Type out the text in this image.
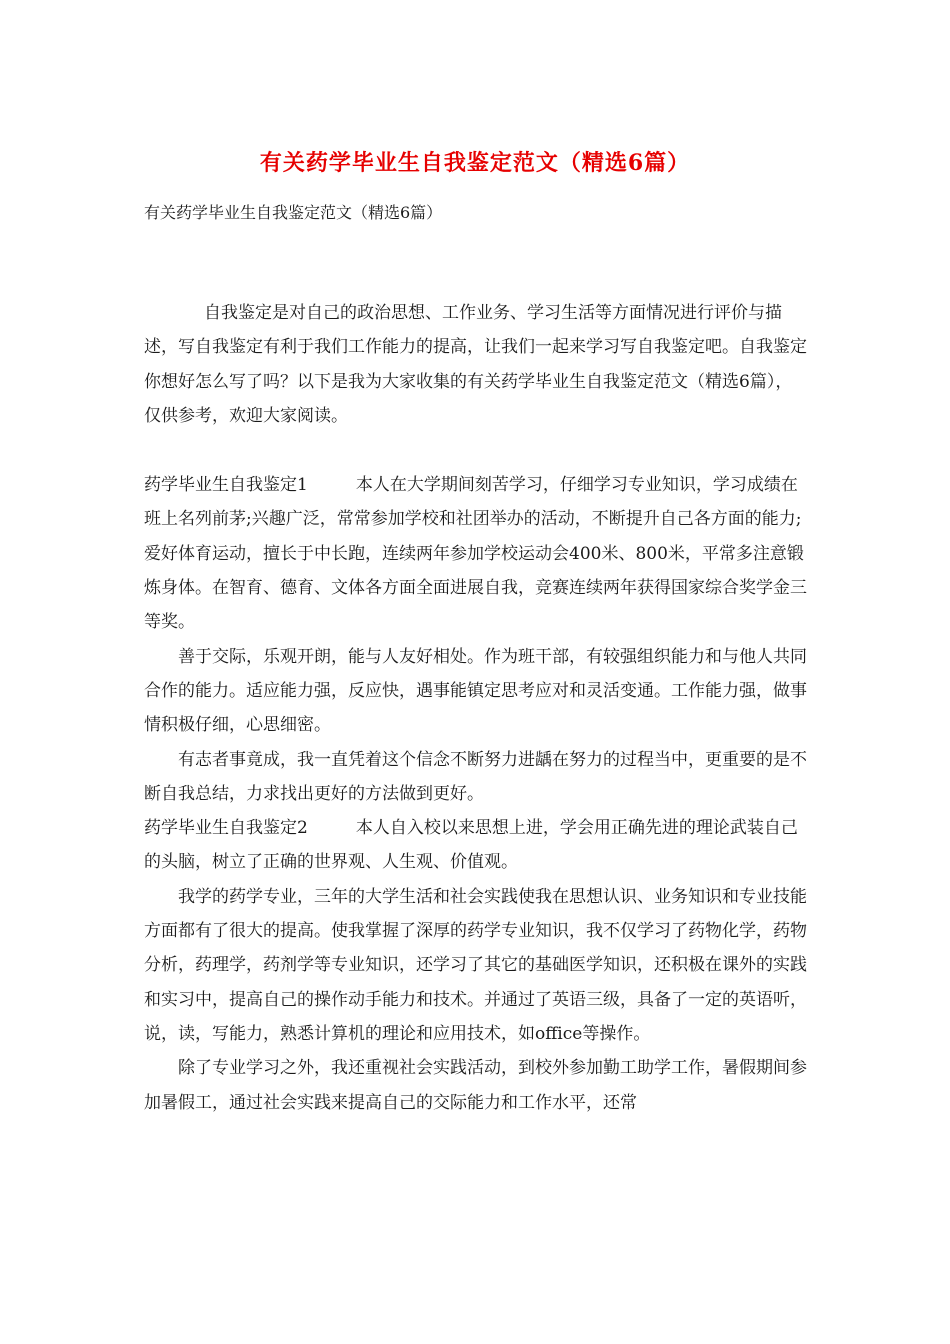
有关药学毕业生自我鉴定范文（精选6篇）
有关药学毕业生自我鉴定范文（精选6篇）

自我鉴定是对自己的政治思想、工作业务、学习生活等方面情况进行评价与描述，写自我鉴定有利于我们工作能力的提高，让我们一起来学习写自我鉴定吧。自我鉴定你想好怎么写了吗？以下是我为大家收集的有关药学毕业生自我鉴定范文（精选6篇），仅供参考，欢迎大家阅读。

药学毕业生自我鉴定1	本人在大学期间刻苦学习，仔细学习专业知识，学习成绩在班上名列前茅;兴趣广泛，常常参加学校和社团举办的活动，不断提升自己各方面的能力;爱好体育运动，擅长于中长跑，连续两年参加学校运动会400米、800米，平常多注意锻炼身体。在智育、德育、文体各方面全面进展自我，竞赛连续两年获得国家综合奖学金三等奖。

善于交际，乐观开朗，能与人友好相处。作为班干部，有较强组织能力和与他人共同合作的能力。适应能力强，反应快，遇事能镇定思考应对和灵活变通。工作能力强，做事情积极仔细，心思细密。

有志者事竟成，我一直凭着这个信念不断努力进龋在努力的过程当中，更重要的是不断自我总结，力求找出更好的方法做到更好。

药学毕业生自我鉴定2	本人自入校以来思想上进，学会用正确先进的理论武装自己的头脑，树立了正确的世界观、人生观、价值观。

我学的药学专业，三年的大学生活和社会实践使我在思想认识、业务知识和专业技能方面都有了很大的提高。使我掌握了深厚的药学专业知识，我不仅学习了药物化学，药物分析，药理学，药剂学等专业知识，还学习了其它的基础医学知识，还积极在课外的实践和实习中，提高自己的操作动手能力和技术。并通过了英语三级，具备了一定的英语听，说，读，写能力，熟悉计算机的理论和应用技术，如office等操作。

除了专业学习之外，我还重视社会实践活动，到校外参加勤工助学工作，暑假期间参加暑假工，通过社会实践来提高自己的交际能力和工作水平，还常
